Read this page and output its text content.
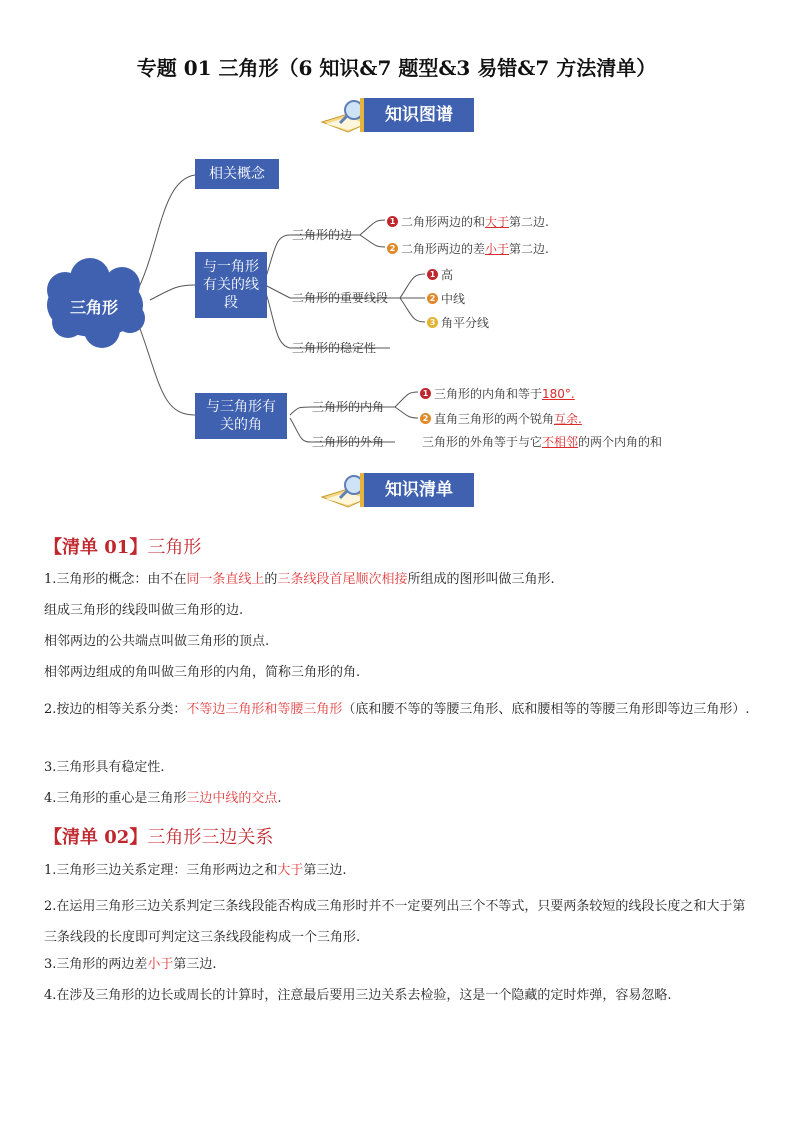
专题 01 三角形（6 知识&7 题型&3 易错&7 方法清单）
知识图谱
三角形
相关概念
与一角形有关的线段
与三角形有关的角
三角形的边
1 二角形两边的和 大于 第二边.
2 二角形两边的差 小于 第二边.
二角形的重要线段
1 高
2 中线
3 角平分线
三角形的稳定性
三角形的内角
1 三角形的内角和等于 180°.
2 直角三角形的两个锐角 互余.
三角形的外角	三角形的外角等于与它 不相邻 的两个内角的和
知识清单
【清单 01】三角形
1.三角形的概念：由不在同一条直线上的三条线段首尾顺次相接所组成的图形叫做三角形.
组成三角形的线段叫做三角形的边.
相邻两边的公共端点叫做三角形的顶点.
相邻两边组成的角叫做三角形的内角，简称三角形的角.
2.按边的相等关系分类：不等边三角形和等腰三角形（底和腰不等的等腰三角形、底和腰相等的等腰三角形即等边三角形）.
3.三角形具有稳定性.
4.三角形的重心是三角形三边中线的交点.
【清单 02】三角形三边关系
1.三角形三边关系定理：三角形两边之和大于第三边.
2.在运用三角形三边关系判定三条线段能否构成三角形时并不一定要列出三个不等式，只要两条较短的线段长度之和大于第三条线段的长度即可判定这三条线段能构成一个三角形.
3.三角形的两边差小于第三边.
4.在涉及三角形的边长或周长的计算时，注意最后要用三边关系去检验，这是一个隐藏的定时炸弹，容易忽略.
